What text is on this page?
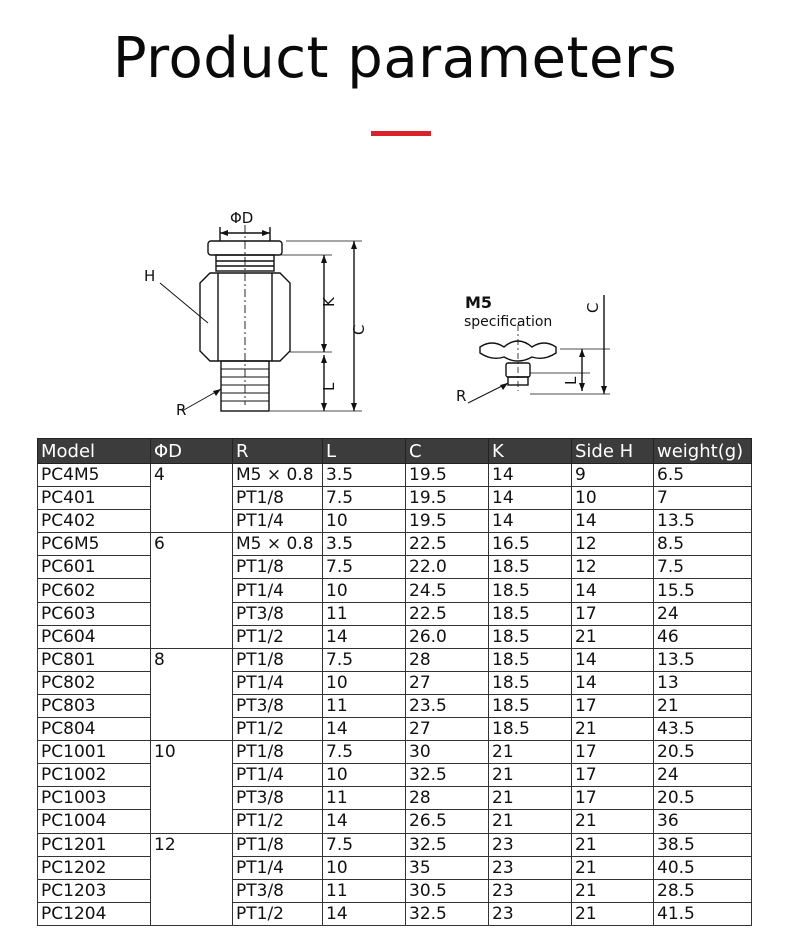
Product parameters
ΦD
H
K
C
L
R
C
L
R
M5
specification
Model	ΦD	R	L	C	K	Side H	weight(g)
PC4M5	4	M5 × 0.8	3.5	19.5	14	9	6.5
PC401		PT1/8	7.5	19.5	14	10	7
PC402		PT1/4	10	19.5	14	14	13.5
PC6M5	6	M5 × 0.8	3.5	22.5	16.5	12	8.5
PC601		PT1/8	7.5	22.0	18.5	12	7.5
PC602		PT1/4	10	24.5	18.5	14	15.5
PC603		PT3/8	11	22.5	18.5	17	24
PC604		PT1/2	14	26.0	18.5	21	46
PC801	8	PT1/8	7.5	28	18.5	14	13.5
PC802		PT1/4	10	27	18.5	14	13
PC803		PT3/8	11	23.5	18.5	17	21
PC804		PT1/2	14	27	18.5	21	43.5
PC1001	10	PT1/8	7.5	30	21	17	20.5
PC1002		PT1/4	10	32.5	21	17	24
PC1003		PT3/8	11	28	21	17	20.5
PC1004		PT1/2	14	26.5	21	21	36
PC1201	12	PT1/8	7.5	32.5	23	21	38.5
PC1202		PT1/4	10	35	23	21	40.5
PC1203		PT3/8	11	30.5	23	21	28.5
PC1204		PT1/2	14	32.5	23	21	41.5
